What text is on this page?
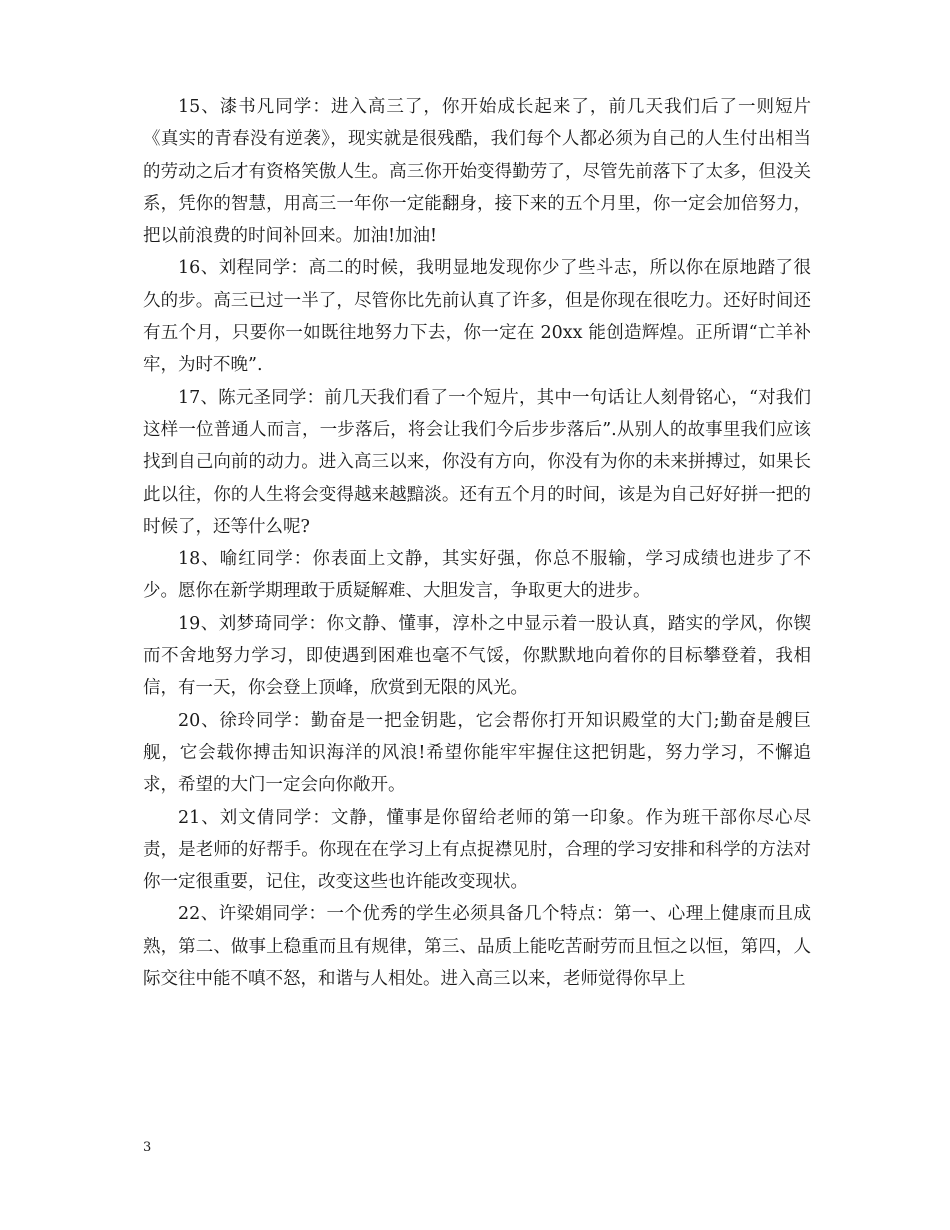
15、漆书凡同学：进入高三了，你开始成长起来了，前几天我们后了一则短片《真实的青春没有逆袭》，现实就是很残酷，我们每个人都必须为自己的人生付出相当的劳动之后才有资格笑傲人生。高三你开始变得勤劳了，尽管先前落下了太多，但没关系，凭你的智慧，用高三一年你一定能翻身，接下来的五个月里，你一定会加倍努力，把以前浪费的时间补回来。加油!加油!

16、刘程同学：高二的时候，我明显地发现你少了些斗志，所以你在原地踏了很久的步。高三已过一半了，尽管你比先前认真了许多，但是你现在很吃力。还好时间还有五个月，只要你一如既往地努力下去，你一定在 20xx 能创造辉煌。正所谓“亡羊补牢，为时不晚”.

17、陈元圣同学：前几天我们看了一个短片，其中一句话让人刻骨铭心，“对我们这样一位普通人而言，一步落后，将会让我们今后步步落后”.从别人的故事里我们应该找到自己向前的动力。进入高三以来，你没有方向，你没有为你的未来拼搏过，如果长此以往，你的人生将会变得越来越黯淡。还有五个月的时间，该是为自己好好拼一把的时候了，还等什么呢?

18、喻红同学：你表面上文静，其实好强，你总不服输，学习成绩也进步了不少。愿你在新学期理敢于质疑解难、大胆发言，争取更大的进步。

19、刘梦琦同学：你文静、懂事，淳朴之中显示着一股认真，踏实的学风，你锲而不舍地努力学习，即使遇到困难也毫不气馁，你默默地向着你的目标攀登着，我相信，有一天，你会登上顶峰，欣赏到无限的风光。

20、徐玲同学：勤奋是一把金钥匙，它会帮你打开知识殿堂的大门;勤奋是艘巨舰，它会载你搏击知识海洋的风浪!希望你能牢牢握住这把钥匙，努力学习，不懈追求，希望的大门一定会向你敞开。

21、刘文倩同学：文静，懂事是你留给老师的第一印象。作为班干部你尽心尽责，是老师的好帮手。你现在在学习上有点捉襟见肘，合理的学习安排和科学的方法对你一定很重要，记住，改变这些也许能改变现状。

22、许梁娟同学：一个优秀的学生必须具备几个特点：第一、心理上健康而且成熟，第二、做事上稳重而且有规律，第三、品质上能吃苦耐劳而且恒之以恒，第四，人际交往中能不嗔不怒，和谐与人相处。进入高三以来，老师觉得你早上

3
